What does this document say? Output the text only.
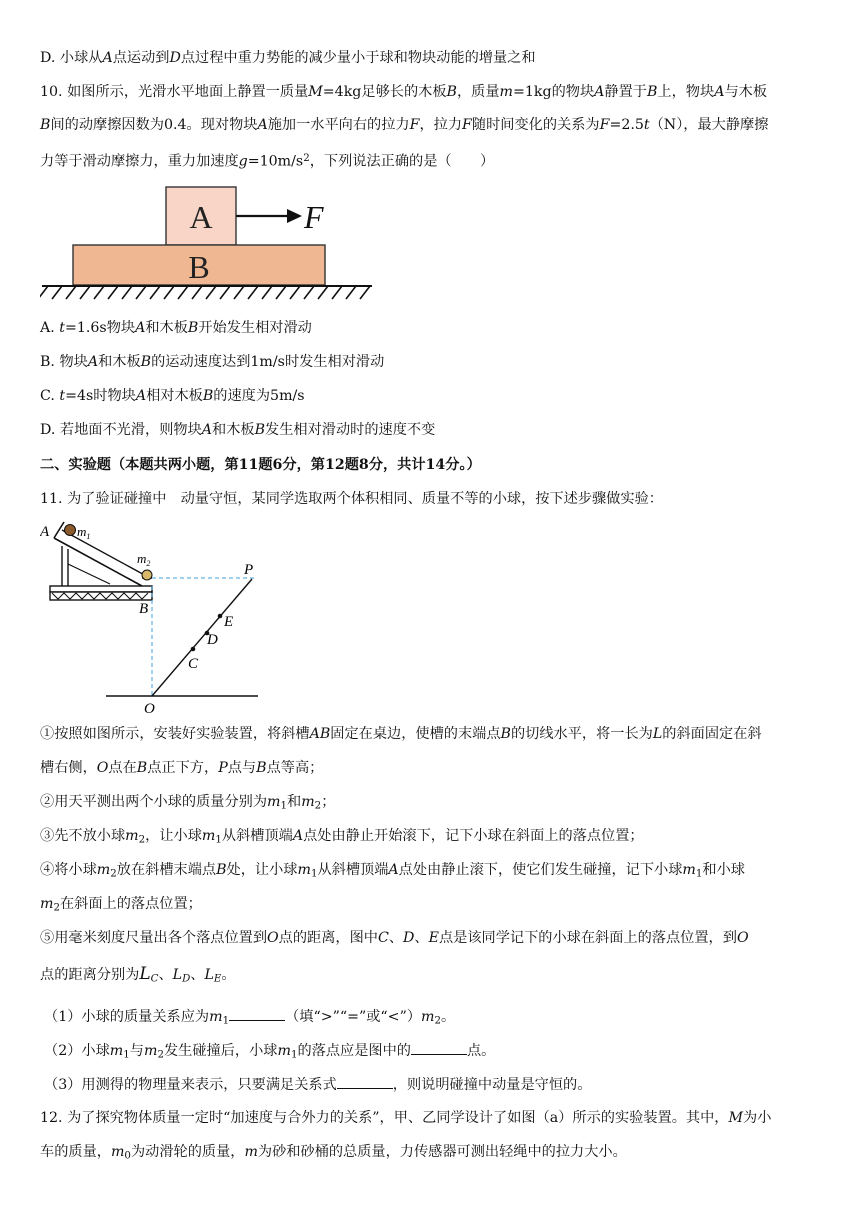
D. 小球从A点运动到D点过程中重力势能的减少量小于球和物块动能的增量之和
10. 如图所示，光滑水平地面上静置一质量M=4kg足够长的木板B，质量m=1kg的物块A静置于B上，物块A与木板
B间的动摩擦因数为0.4。现对物块A施加一水平向右的拉力F，拉力F随时间变化的关系为F=2.5t（N），最大静摩擦
力等于滑动摩擦力，重力加速度$g=10m/s^2$，下列说法正确的是（　　）
A	F
B
A. t=1.6s物块A和木板B开始发生相对滑动
B. 物块A和木板B的运动速度达到1m/s时发生相对滑动
C. t=4s时物块A相对木板B的速度为5m/s
D. 若地面不光滑，则物块A和木板B发生相对滑动时的速度不变
二、实验题（本题共两小题，第11题6分，第12题8分，共计14分。）
11. 为了验证碰撞中　动量守恒，某同学选取两个体积相同、质量不等的小球，按下述步骤做实验：
A $m_1$
$m_2$
B
P
E
D
C
O
①按照如图所示，安装好实验装置，将斜槽AB固定在桌边，使槽的末端点B的切线水平，将一长为L的斜面固定在斜
槽右侧，O点在B点正下方，P点与B点等高；
②用天平测出两个小球的质量分别为$m_1$和$m_2$；
③先不放小球$m_2$，让小球$m_1$从斜槽顶端A点处由静止开始滚下，记下小球在斜面上的落点位置；
④将小球$m_2$放在斜槽末端点B处，让小球$m_1$从斜槽顶端A点处由静止滚下，使它们发生碰撞，记下小球$m_1$和小球
$m_2$在斜面上的落点位置；
⑤用毫米刻度尺量出各个落点位置到O点的距离，图中C、D、E点是该同学记下的小球在斜面上的落点位置，到O
点的距离分别为$L_C$、$L_D$、$L_E$。
（1）小球的质量关系应为$m_1$	（填“>”“=”或“$<”)m_2$。
（2）小球$m_1$与$m_2$发生碰撞后，小球$m_1$的落点应是图中的	点。
（3）用测得的物理量来表示，只要满足关系式	，则说明碰撞中动量是守恒的。
12. 为了探究物体质量一定时“加速度与合外力的关系”，甲、乙同学设计了如图（a）所示的实验装置。其中，M为小
车的质量，$m_0$为动滑轮的质量，m为砂和砂桶的总质量，力传感器可测出轻绳中的拉力大小。
